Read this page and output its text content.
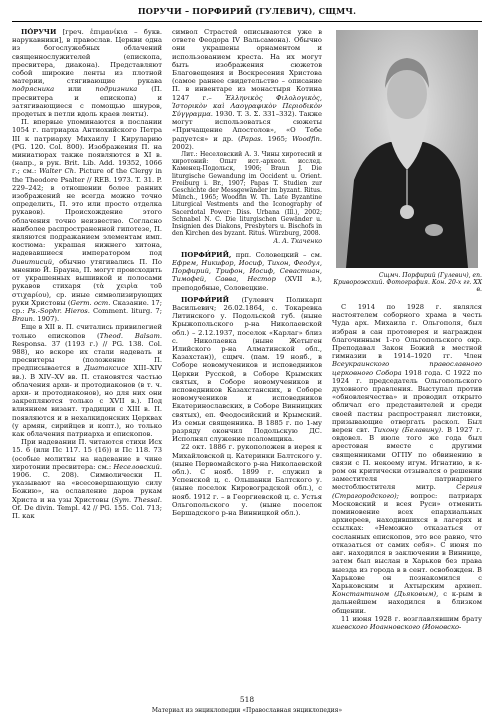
ПОРУЧИ – ПОРФИРИЙ (ГУЛЕВИЧ), СЩМЧ.

ПО́РУЧИ [греч. ἐπιμανίκια – букв. нарукавники], в православ. Церкви одна из богослужебных облачений священнослужителей (епископа, пресвитера, диакона). Представляют собой широкие ленты из плотной материи, стягивающие рукава подрясника или подризника (П. пресвитера и епископа) и затягивающиеся с помощью шнуров, продетых в петли вдоль краев ленты).

П. впервые упоминаются в послании 1054 г. патриарха Антиохийского Петра III к патриарху Михаилу I Кируларию (PG. 120. Col. 800). Изображения П. на миниатюрах также появляются в XI в. (напр., в рук. Brit. Lib. Add. 19352, 1066 г.; см.: Walter Ch. Picture of the Clergy in the Theodore Psalter // REB. 1973. T. 31. P. 229–242; в отношении более ранних изображений не всегда можно точно определить, П. это или просто отделка рукавов). Происхождение этого облачения точно неизвестно. Согласно наиболее распространенной гипотезе, П. являются подражанием элементам имп. костюма: украшая нижнего хитона, надевавшиеся императором под дивитисий, обычно утягивались П. По мнению Й. Брауна, П. могут происходить от украшенных вышивкой и полосами рукавов стихаря (τὰ χειρὶα τοῦ στιχαρίου), ср. иные символизирующих руки Христовы (Germ. ост. Сказание. 17; ср.: Ps.-Sophr. Hieros. Comment. liturg. 7; Braun. 1907).

Еще в XII в. П. считались привилегией только епископов (Theod. Balsam. Responsa. 37 (1193 г.) // PG. 138. Col. 988), но вскоре их стали надевать и пресвитеры (положение П. предписывается в Диатаксисе XIII–XIV вв.). В XIV–XV вв. П. становятся частью облачения архи- и протодиаконов (в т. ч. архи- и протодиаконов), но для них они закрепляются только с XVII в.). Под влиянием визант. традиции с XIII в. П. появляются и в нехалкидонских Церквах (у армян, сирийцев и копт.), но только как облачения патриарха и епископов.

При надевании П. читаются стихи Исх 15. 6 (или Пс 117. 15 (16)) и Пс 118. 73 (особые молитвы на надевание в чине хиротонии пресвитера: см.: Неселовский. 1906. С. 208). Символически П. указывают на «всесовершающую силу Божию», на ославление даров рукам Христа и на узы Христовы (Sym. Thessal. Of. De divin. Templ. 42 // PG. 155. Col. 713; П. как

символ Страстей описываются уже в ответе Феодора IV Вальсамона). Обычно они украшены орнаментом и использованием креста. На их могут быть изображения сюжетов Благовещения и Воскресения Христова (самое раннее свидетельство – описание П. в инвентаре из монастыря Котина 1247 г.– Ἑλληνικὸς Φιλολογικὸς, Ἱστορικὸν καὶ Λαογραφικὸν Περιοδικὸν Σύγγραμμα. 1930. T. 3. Σ. 331–332). Также могут использоваться сюжеты «Причащение Апостолов», «О Тебе радуется» и др. (Papas. 1965; Woodfin. 2002).

Лит.: Неселовский А. З. Чины хиротесий и хиротоний: Опыт ист.-археол. исслед. Каменец-Подольск, 1906; Braun J. Die liturgische Gewandung im Occident u. Orient. Freiburg i. Br., 1907; Papas T. Studien zur Geschichte der Messgewänder im byzant. Ritus. Münch., 1965; Woodfin W. Th. Late Byzantine Liturgical Vestments and the Iconography of Sacerdotal Power: Diss. Urbana (Ill.), 2002; Schnabel N. C. Die liturgischen Gewänder u. Insignien des Diakons, Presbyters u. Bischofs in den Kirchen des byzant. Ritus. Würzburg, 2008.

А. А. Ткаченко

ПОРФИ́РИЙ, прп. Соловецкий – см. Ефрем, Никифор, Иосиф, Тихон, Феодул, Порфирий, Трифон, Иосиф, Севастиан, Тимофей, Савва, Нестор (XVII в.), преподобные, Соловецкие.

ПОРФИ́РИЙ (Гулевич Поликарп Васильевич; 26.02.1864, с. Токаревка Литинского у. Подольской губ. (ныне Крыжопольского р-на Николаевской обл.) – 2.12.1937, поселок «Карлаг» близ с. Николаевка (ныне Жетыген Илийского р-на Алматинской обл., Казахстан)), сщмч. (пам. 19 нояб., в Соборе новомучеников и исповедников Церкви Русской, в Соборе Крымских святых, в Соборе новомучеников и исповедников Казахстанских, в Соборе новомучеников и исповедников Екатеринославских, в Соборе Винницких святых), еп. Феодосийский и Крымский. Из семьи священника. В 1885 г. по 1-му разряду окончил Подольскую ДС. Исполнял служение псаломщика.

22 окт. 1886 г. рукоположен в иерея к Михайловской ц. Катеринки Балтского у. (ныне Первомайского р-на Николаевской обл.). С нояб. 1899 г. служил в Успенской ц. с. Ольшанки Балтского у. (ныне поселок Кировоградской обл.), с нояб. 1912 г. – в Георгиевской ц. с. Устья Ольгопольского у. (ныне поселок Бершадского р-на Винницкой обл.).

Сщмч. Порфирий (Гулевич), еп. Криворожский. Фотография. Кон. 20-х гг. XX в.

С 1914 по 1928 г. являлся настоятелем соборного храма в честь Чуда арх. Михаила г. Ольгополя, был избран в сан протоиерея и награжден благочинным 1-го Ольгопольского окр. Преподавал Закон Божий в местной гимназии в 1914–1920 гг. Член Всеукраинского православного церковного Собора 1918 года. С 1922 по 1924 г. председатель Ольгопольского духовного правления. Выступал против «обновленчества» и проводил открыто обличал его представителей и среди своей паствы распространял листовки, призывающие отвергать раскол. Был верен свт. Тихону (Белавину). В 1927 г. овдовел. В июле того же года был арестован вместе с другими священниками ОГПУ по обвинению в связи с П. некоему игум. Игнатию, в к-ром он критически отзывался о решении заместителя патриаршего местоблюстителя митр.	Сергия (Страгородского); вопрос: патриарх Московский и всея Руси» отменить поминовение всех епархиальных архиереев, находившихся в лагерях и ссылках: «Неможно отказаться от сосланных епископов, это все равно, что отказаться от самих себя». С июня по авг. находился в заключении в Виннице, затем был выслан в Харьков без права выезда из города в в сент. освобожден. В Харькове он познакомился с Харьковским и Ахтырским архиеп. Константином (Дьяковым), с к-рым в дальнейшем находился в близком общении.

11 июня 1928 г. возглавлявшим брату киевского Иоанновского (Ионовско-

518
Материал из энциклопедии «Православная энциклопедия»
